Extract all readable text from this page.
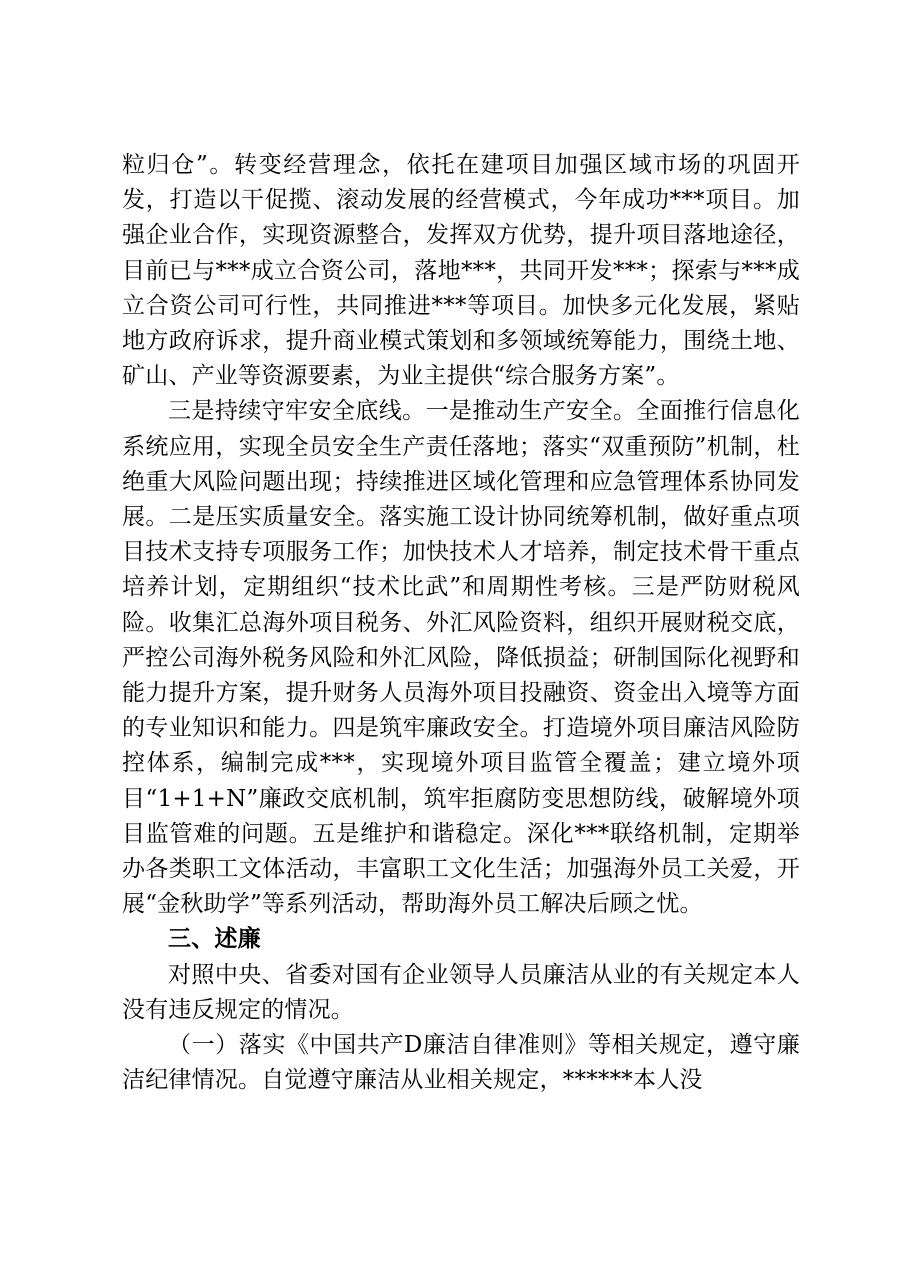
粒归仓”。转变经营理念，依托在建项目加强区域市场的巩固开发，打造以干促揽、滚动发展的经营模式，今年成功***项目。加强企业合作，实现资源整合，发挥双方优势，提升项目落地途径，目前已与***成立合资公司，落地***，共同开发***；探索与***成立合资公司可行性，共同推进***等项目。加快多元化发展，紧贴地方政府诉求，提升商业模式策划和多领域统筹能力，围绕土地、矿山、产业等资源要素，为业主提供“综合服务方案”。

三是持续守牢安全底线。一是推动生产安全。全面推行信息化系统应用，实现全员安全生产责任落地；落实“双重预防”机制，杜绝重大风险问题出现；持续推进区域化管理和应急管理体系协同发展。二是压实质量安全。落实施工设计协同统筹机制，做好重点项目技术支持专项服务工作；加快技术人才培养，制定技术骨干重点培养计划，定期组织“技术比武”和周期性考核。三是严防财税风险。收集汇总海外项目税务、外汇风险资料，组织开展财税交底，严控公司海外税务风险和外汇风险，降低损益；研制国际化视野和能力提升方案，提升财务人员海外项目投融资、资金出入境等方面的专业知识和能力。四是筑牢廉政安全。打造境外项目廉洁风险防控体系，编制完成***，实现境外项目监管全覆盖；建立境外项目“1+1+N”廉政交底机制，筑牢拒腐防变思想防线，破解境外项目监管难的问题。五是维护和谐稳定。深化***联络机制，定期举办各类职工文体活动，丰富职工文化生活；加强海外员工关爱，开展“金秋助学”等系列活动，帮助海外员工解决后顾之忧。

三、述廉

对照中央、省委对国有企业领导人员廉洁从业的有关规定本人没有违反规定的情况。

（一）落实《中国共产D廉洁自律准则》等相关规定，遵守廉洁纪律情况。自觉遵守廉洁从业相关规定，******本人没
